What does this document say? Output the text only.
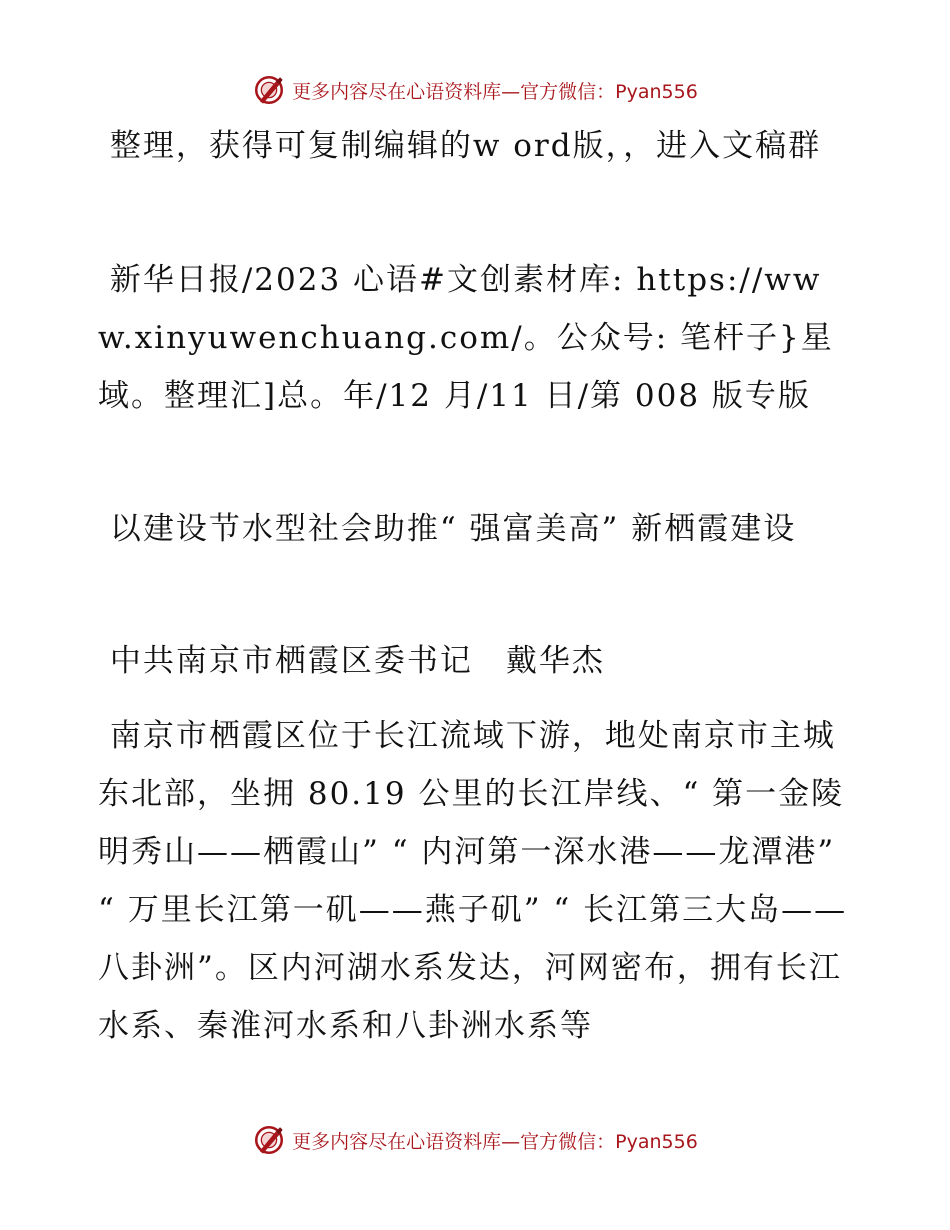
更多内容尽在心语资料库—官方微信：Pyan556
整理，获得可复制编辑的w ord版，，进入文稿群
新华日报/2023 心语#文创素材库: https://www.xinyuwenchuang.com/。公众号: 笔杆子}星域。整理汇]总。年/12 月/11 日/第 008 版专版
以建设节水型社会助推“ 强富美高” 新栖霞建设
中共南京市栖霞区委书记　戴华杰
南京市栖霞区位于长江流域下游，地处南京市主城东北部，坐拥 80.19 公里的长江岸线、“ 第一金陵明秀山——栖霞山” “ 内河第一深水港——龙潭港” “ 万里长江第一矶——燕子矶” “ 长江第三大岛——八卦洲”。区内河湖水系发达，河网密布，拥有长江水系、秦淮河水系和八卦洲水系等
更多内容尽在心语资料库—官方微信：Pyan556
